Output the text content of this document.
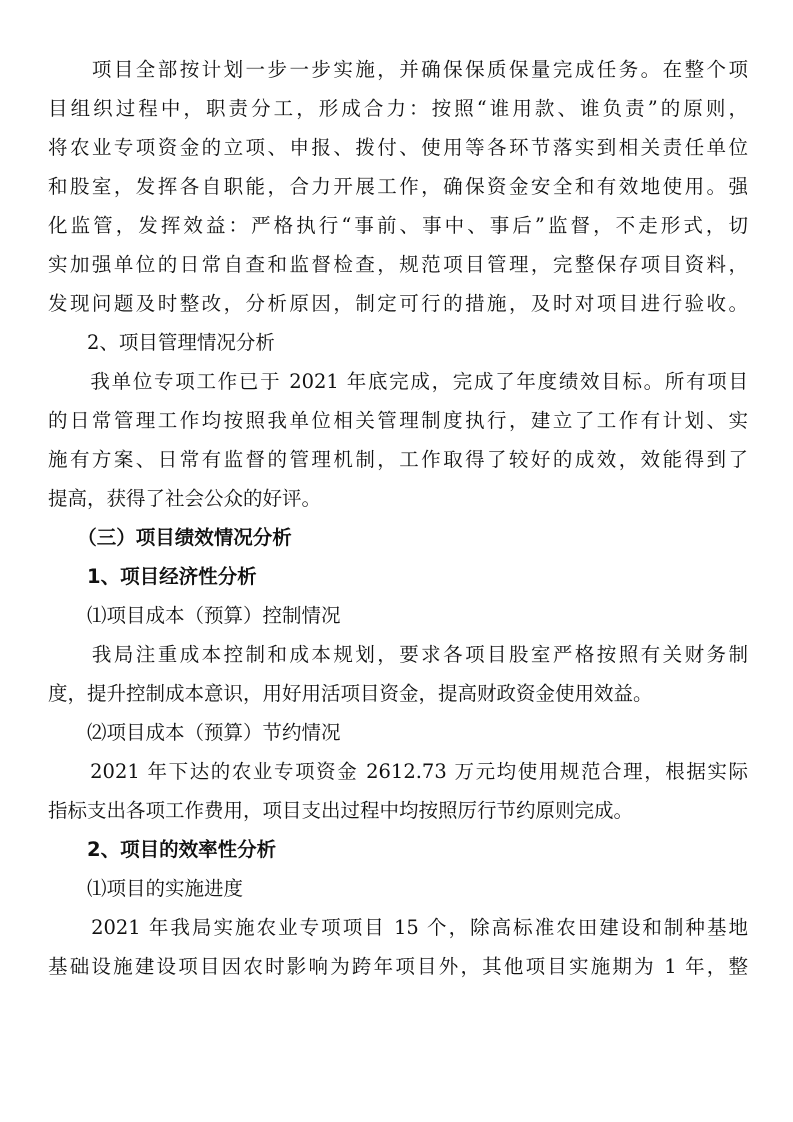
　　项目全部按计划一步一步实施，并确保保质保量完成任务。在整个项
目组织过程中，职责分工，形成合力：按照“谁用款、谁负责”的原则，
将农业专项资金的立项、申报、拨付、使用等各环节落实到相关责任单位
和股室，发挥各自职能，合力开展工作，确保资金安全和有效地使用。强
化监管，发挥效益：严格执行“事前、事中、事后”监督，不走形式，切
实加强单位的日常自查和监督检查，规范项目管理，完整保存项目资料，
发现问题及时整改，分析原因，制定可行的措施，及时对项目进行验收。
　　2、项目管理情况分析
　　我单位专项工作已于 2021 年底完成，完成了年度绩效目标。所有项目
的日常管理工作均按照我单位相关管理制度执行，建立了工作有计划、实
施有方案、日常有监督的管理机制，工作取得了较好的成效，效能得到了
提高，获得了社会公众的好评。
　　（三）项目绩效情况分析
　　1、项目经济性分析
　　⑴项目成本（预算）控制情况
　　我局注重成本控制和成本规划，要求各项目股室严格按照有关财务制
度，提升控制成本意识，用好用活项目资金，提高财政资金使用效益。
　　⑵项目成本（预算）节约情况
　　2021 年下达的农业专项资金 2612.73 万元均使用规范合理，根据实际
指标支出各项工作费用，项目支出过程中均按照厉行节约原则完成。
　　2、项目的效率性分析
　　⑴项目的实施进度
　　2021 年我局实施农业专项项目 15 个，除高标准农田建设和制种基地
基础设施建设项目因农时影响为跨年项目外，其他项目实施期为 1 年，整
